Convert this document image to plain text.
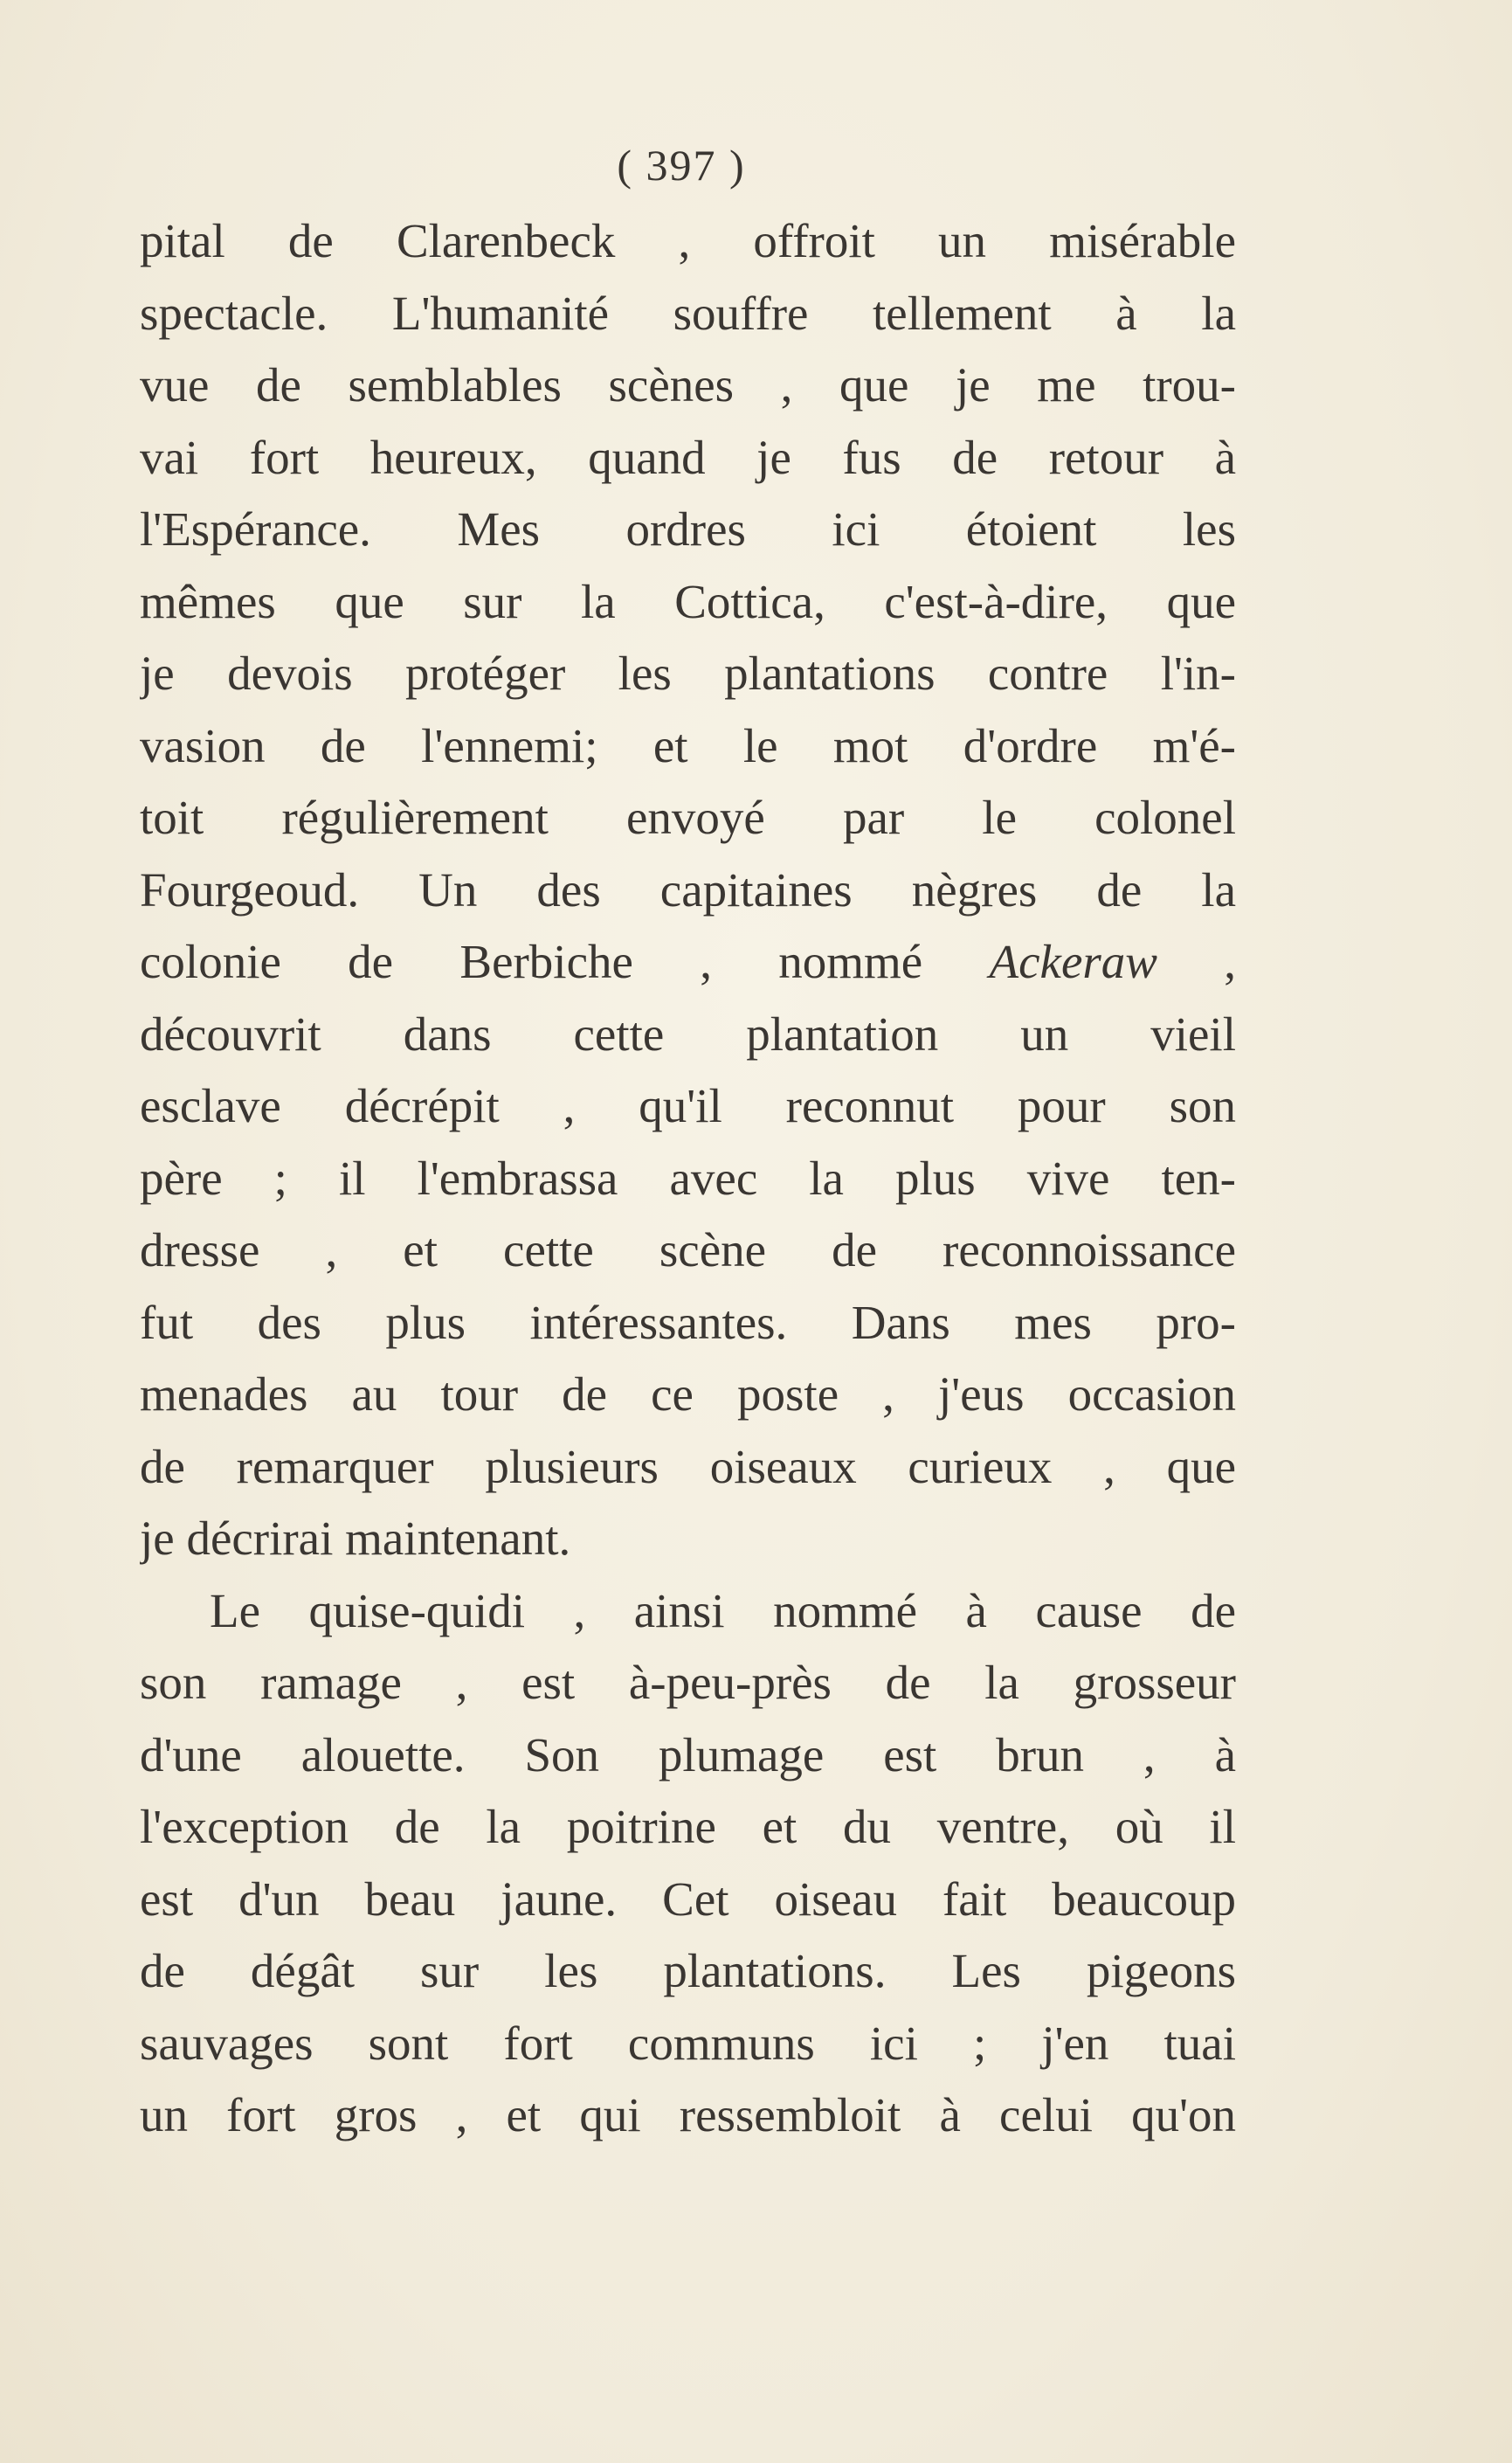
( 397 )
pital de Clarenbeck , offroit un misérable
spectacle. L'humanité souffre tellement à la
vue de semblables scènes , que je me trou-
vai fort heureux, quand je fus de retour à
l'Espérance. Mes ordres ici étoient les
mêmes que sur la Cottica, c'est-à-dire, que
je devois protéger les plantations contre l'in-
vasion de l'ennemi; et le mot d'ordre m'é-
toit régulièrement envoyé par le colonel
Fourgeoud. Un des capitaines nègres de la
colonie de Berbiche , nommé Ackeraw ,
découvrit dans cette plantation un vieil
esclave décrépit , qu'il reconnut pour son
père ; il l'embrassa avec la plus vive ten-
dresse , et cette scène de reconnoissance
fut des plus intéressantes. Dans mes pro-
menades au tour de ce poste , j'eus occasion
de remarquer plusieurs oiseaux curieux , que
je décrirai maintenant.
Le quise-quidi , ainsi nommé à cause de
son ramage , est à-peu-près de la grosseur
d'une alouette. Son plumage est brun , à
l'exception de la poitrine et du ventre, où il
est d'un beau jaune. Cet oiseau fait beaucoup
de dégât sur les plantations. Les pigeons
sauvages sont fort communs ici ; j'en tuai
un fort gros , et qui ressembloit à celui qu'on
